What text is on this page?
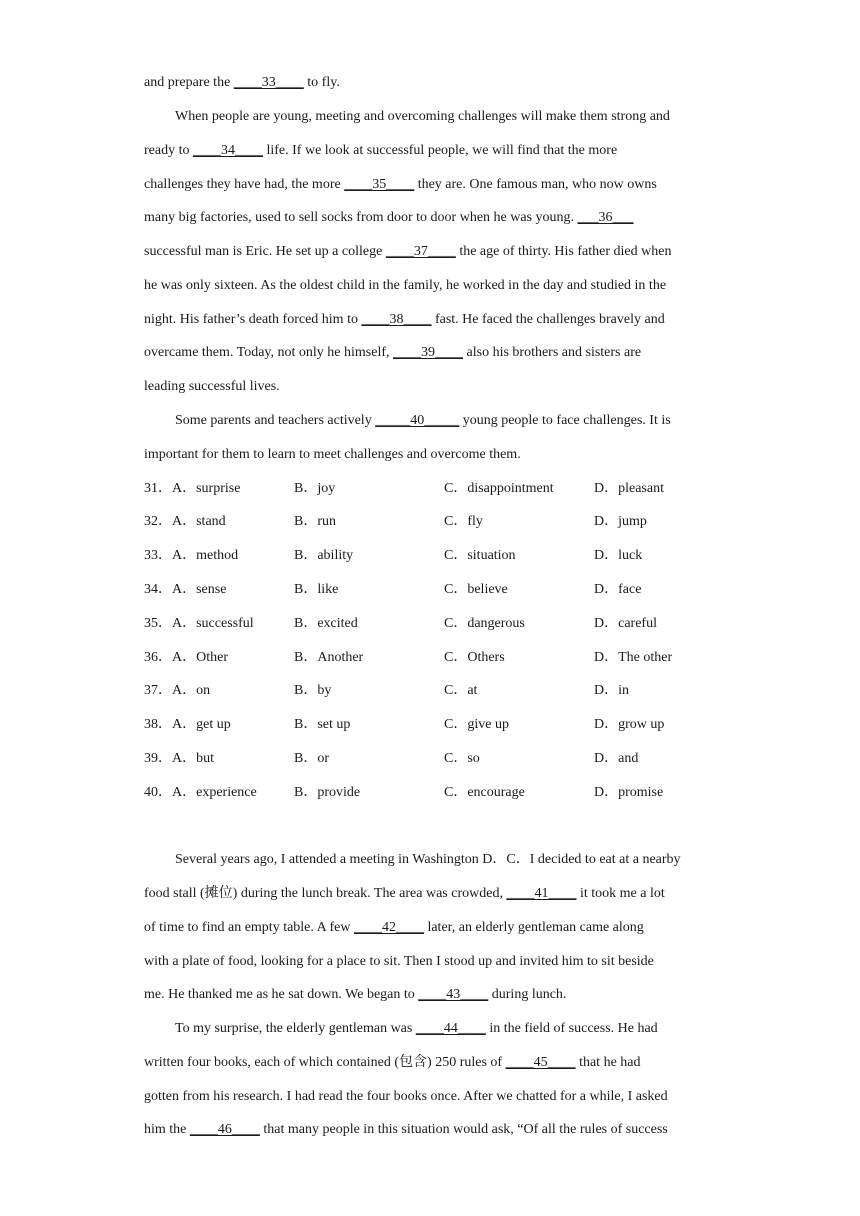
and prepare the ____33____ to fly.
When people are young, meeting and overcoming challenges will make them strong and
ready to ____34____ life. If we look at successful people, we will find that the more
challenges they have had, the more ____35____ they are. One famous man, who now owns
many big factories, used to sell socks from door to door when he was young. ___36___
successful man is Eric. He set up a college ____37____ the age of thirty. His father died when
he was only sixteen. As the oldest child in the family, he worked in the day and studied in the
night. His father’s death forced him to ____38____ fast. He faced the challenges bravely and
overcame them. Today, not only he himself, ____39____ also his brothers and sisters are
leading successful lives.
Some parents and teachers actively _____40_____ young people to face challenges. It is
important for them to learn to meet challenges and overcome them.
31．A．surprise	B．joy	C．disappointment	D．pleasant
32．A．stand	B．run	C．fly	D．jump
33．A．method	B．ability	C．situation	D．luck
34．A．sense	B．like	C．believe	D．face
35．A．successful	B．excited	C．dangerous	D．careful
36．A．Other	B．Another	C．Others	D．The other
37．A．on	B．by	C．at	D．in
38．A．get up	B．set up	C．give up	D．grow up
39．A．but	B．or	C．so	D．and
40．A．experience	B．provide	C．encourage	D．promise
Several years ago, I attended a meeting in Washington D．C．I decided to eat at a nearby
food stall (摊位) during the lunch break. The area was crowded, ____41____ it took me a lot
of time to find an empty table. A few ____42____ later, an elderly gentleman came along
with a plate of food, looking for a place to sit. Then I stood up and invited him to sit beside
me. He thanked me as he sat down. We began to ____43____ during lunch.
To my surprise, the elderly gentleman was ____44____ in the field of success. He had
written four books, each of which contained (包含) 250 rules of ____45____ that he had
gotten from his research. I had read the four books once. After we chatted for a while, I asked
him the ____46____ that many people in this situation would ask, “Of all the rules of success
